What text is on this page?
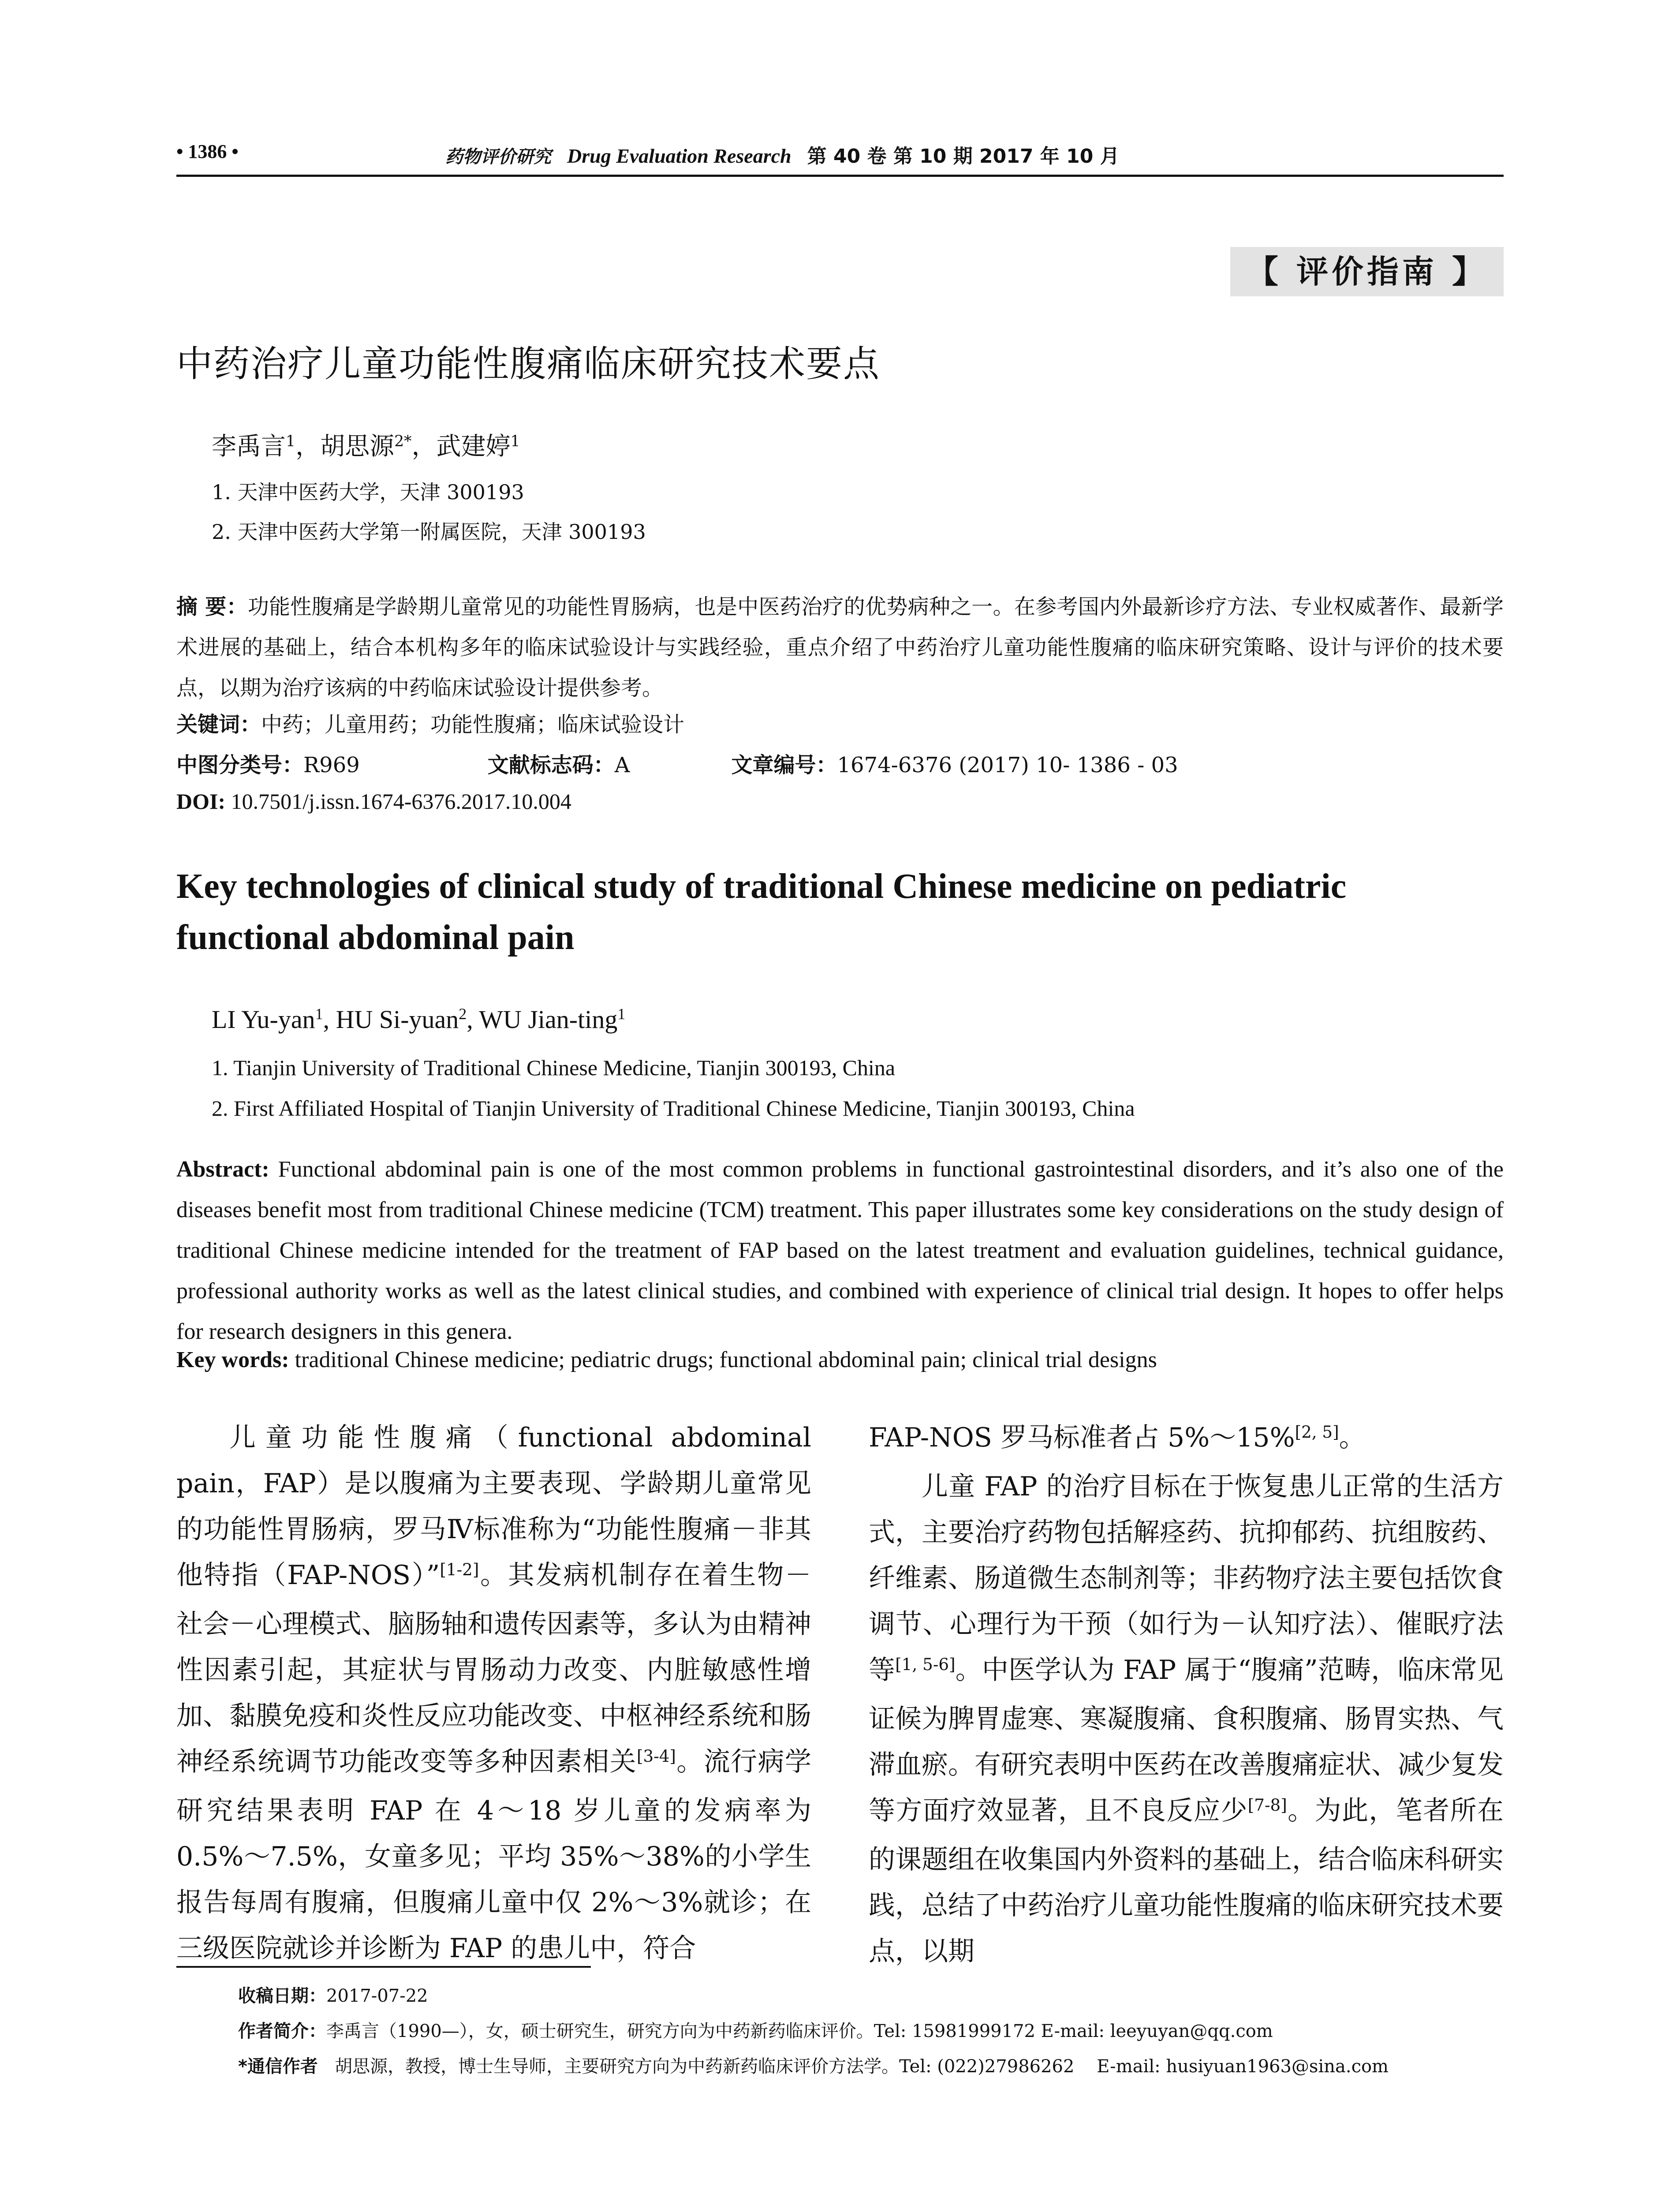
• 1386 •	药物评价研究 Drug Evaluation Research 第 40 卷 第 10 期 2017 年 10 月
【 评价指南 】
中药治疗儿童功能性腹痛临床研究技术要点
李禹言$^1$，胡思源$^{2*}$，武建婷$^1$
1. 天津中医药大学，天津 300193
2. 天津中医药大学第一附属医院，天津 300193
摘 要：功能性腹痛是学龄期儿童常见的功能性胃肠病，也是中医药治疗的优势病种之一。在参考国内外最新诊疗方法、专业权威著作、最新学术进展的基础上，结合本机构多年的临床试验设计与实践经验，重点介绍了中药治疗儿童功能性腹痛的临床研究策略、设计与评价的技术要点，以期为治疗该病的中药临床试验设计提供参考。
关键词：中药；儿童用药；功能性腹痛；临床试验设计
中图分类号：R969	文献标志码：A	文章编号：1674-6376 (2017) 10- 1386 - 03
DOI: 10.7501/j.issn.1674-6376.2017.10.004
Key technologies of clinical study of traditional Chinese medicine on pediatric functional abdominal pain
LI Yu-yan$^1$, HU Si-yuan$^2$, WU Jian-ting$^1$
1. Tianjin University of Traditional Chinese Medicine, Tianjin 300193, China
2. First Affiliated Hospital of Tianjin University of Traditional Chinese Medicine, Tianjin 300193, China
Abstract: Functional abdominal pain is one of the most common problems in functional gastrointestinal disorders, and it’s also one of the diseases benefit most from traditional Chinese medicine (TCM) treatment. This paper illustrates some key considerations on the study design of traditional Chinese medicine intended for the treatment of FAP based on the latest treatment and evaluation guidelines, technical guidance, professional authority works as well as the latest clinical studies, and combined with experience of clinical trial design. It hopes to offer helps for research designers in this genera.
Key words: traditional Chinese medicine; pediatric drugs; functional abdominal pain; clinical trial designs

儿童功能性腹痛（functional abdominal pain，FAP）是以腹痛为主要表现、学龄期儿童常见的功能性胃肠病，罗马Ⅳ标准称为“功能性腹痛－非其他特指（FAP-NOS）”[1-2]。其发病机制存在着生物－社会－心理模式、脑肠轴和遗传因素等，多认为由精神性因素引起，其症状与胃肠动力改变、内脏敏感性增加、黏膜免疫和炎性反应功能改变、中枢神经系统和肠神经系统调节功能改变等多种因素相关[3-4]。流行病学研究结果表明 FAP 在 4～18 岁儿童的发病率为 0.5%～7.5%，女童多见；平均 35%～38%的小学生报告每周有腹痛，但腹痛儿童中仅 2%～3%就诊；在三级医院就诊并诊断为 FAP 的患儿中，符合

FAP-NOS 罗马标准者占 5%～15%[2, 5]。

儿童 FAP 的治疗目标在于恢复患儿正常的生活方式，主要治疗药物包括解痉药、抗抑郁药、抗组胺药、纤维素、肠道微生态制剂等；非药物疗法主要包括饮食调节、心理行为干预（如行为－认知疗法）、催眠疗法等[1, 5-6]。中医学认为 FAP 属于“腹痛”范畴，临床常见证候为脾胃虚寒、寒凝腹痛、食积腹痛、肠胃实热、气滞血瘀。有研究表明中医药在改善腹痛症状、减少复发等方面疗效显著，且不良反应少[7-8]。为此，笔者所在的课题组在收集国内外资料的基础上，结合临床科研实践，总结了中药治疗儿童功能性腹痛的临床研究技术要点，以期

收稿日期：2017-07-22
作者简介：李禹言（1990—），女，硕士研究生，研究方向为中药新药临床评价。Tel: 15981999172 E-mail: leeyuyan@qq.com
*通信作者   胡思源，教授，博士生导师，主要研究方向为中药新药临床评价方法学。Tel: (022)27986262    E-mail: husiyuan1963@sina.com
